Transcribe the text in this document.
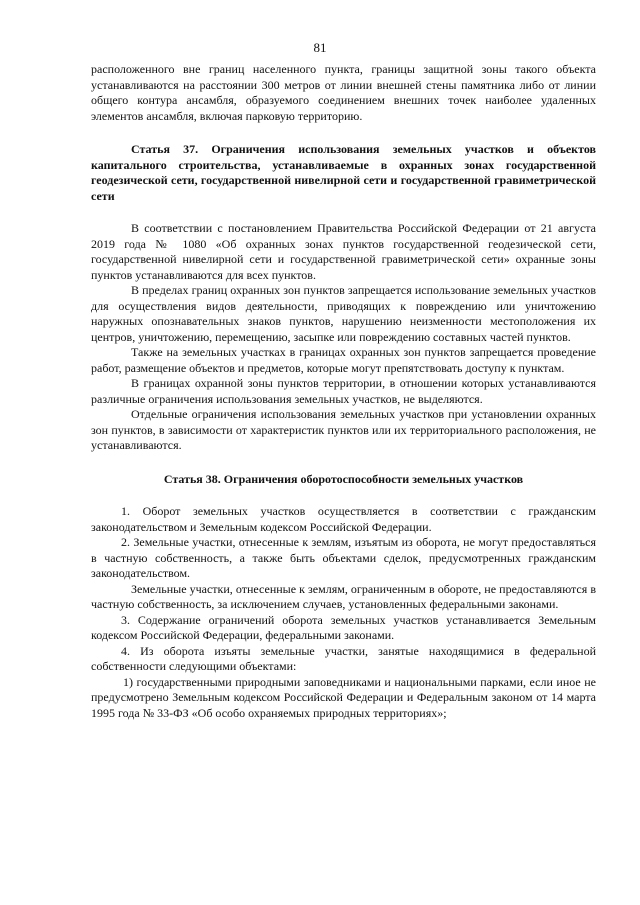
81

расположенного вне границ населенного пункта, границы защитной зоны такого объекта устанавливаются на расстоянии 300 метров от линии внешней стены памятника либо от линии общего контура ансамбля, образуемого соединением внешних точек наиболее удаленных элементов ансамбля, включая парковую территорию.

Статья 37. Ограничения использования земельных участков и объектов капитального строительства, устанавливаемые в охранных зонах государственной геодезической сети, государственной нивелирной сети и государственной гравиметрической сети

В соответствии с постановлением Правительства Российской Федерации от 21 августа 2019 года № 1080 «Об охранных зонах пунктов государственной геодезической сети, государственной нивелирной сети и государственной гравиметрической сети» охранные зоны пунктов устанавливаются для всех пунктов.

В пределах границ охранных зон пунктов запрещается использование земельных участков для осуществления видов деятельности, приводящих к повреждению или уничтожению наружных опознавательных знаков пунктов, нарушению неизменности местоположения их центров, уничтожению, перемещению, засыпке или повреждению составных частей пунктов.

Также на земельных участках в границах охранных зон пунктов запрещается проведение работ, размещение объектов и предметов, которые могут препятствовать доступу к пунктам.

В границах охранной зоны пунктов территории, в отношении которых устанавливаются различные ограничения использования земельных участков, не выделяются.

Отдельные ограничения использования земельных участков при установлении охранных зон пунктов, в зависимости от характеристик пунктов или их территориального расположения, не устанавливаются.

Статья 38. Ограничения оборотоспособности земельных участков

1. Оборот земельных участков осуществляется в соответствии с гражданским законодательством и Земельным кодексом Российской Федерации.

2. Земельные участки, отнесенные к землям, изъятым из оборота, не могут предоставляться в частную собственность, а также быть объектами сделок, предусмотренных гражданским законодательством.

Земельные участки, отнесенные к землям, ограниченным в обороте, не предоставляются в частную собственность, за исключением случаев, установленных федеральными законами.

3. Содержание ограничений оборота земельных участков устанавливается Земельным кодексом Российской Федерации, федеральными законами.

4. Из оборота изъяты земельные участки, занятые находящимися в федеральной собственности следующими объектами:

1) государственными природными заповедниками и национальными парками, если иное не предусмотрено Земельным кодексом Российской Федерации и Федеральным законом от 14 марта 1995 года № 33-ФЗ «Об особо охраняемых природных территориях»;
